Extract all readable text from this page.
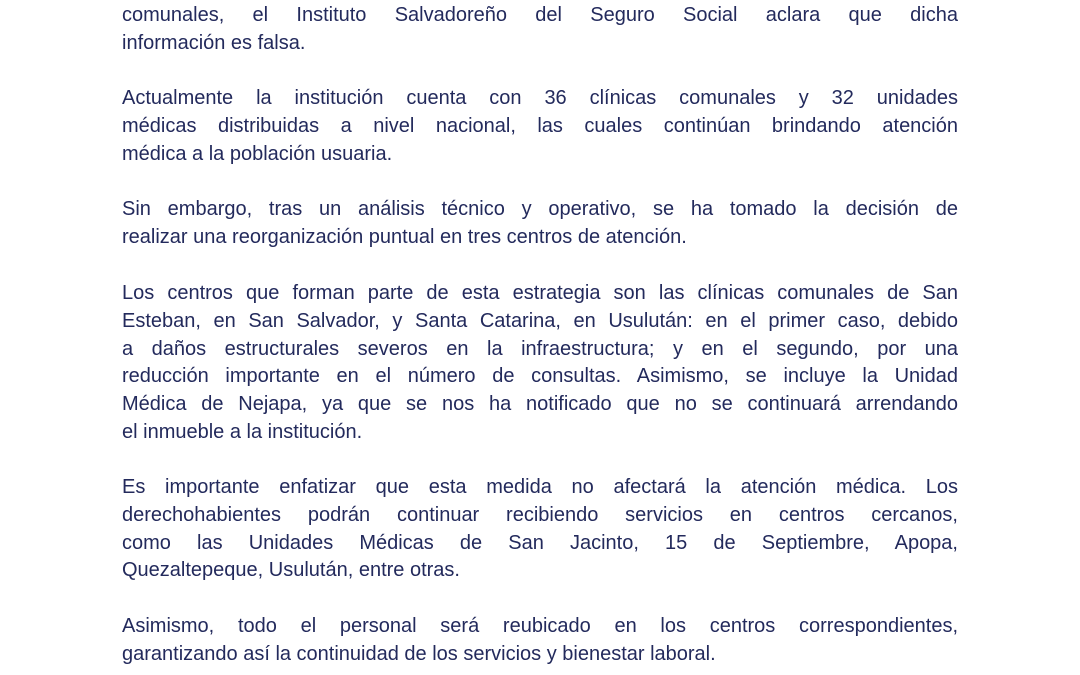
comunales, el Instituto Salvadoreño del Seguro Social aclara que dicha
información es falsa.
Actualmente la institución cuenta con 36 clínicas comunales y 32 unidades
médicas distribuidas a nivel nacional, las cuales continúan brindando atención
médica a la población usuaria.
Sin embargo, tras un análisis técnico y operativo, se ha tomado la decisión de
realizar una reorganización puntual en tres centros de atención.
Los centros que forman parte de esta estrategia son las clínicas comunales de San
Esteban, en San Salvador, y Santa Catarina, en Usulután: en el primer caso, debido
a daños estructurales severos en la infraestructura; y en el segundo, por una
reducción importante en el número de consultas. Asimismo, se incluye la Unidad
Médica de Nejapa, ya que se nos ha notificado que no se continuará arrendando
el inmueble a la institución.
Es importante enfatizar que esta medida no afectará la atención médica. Los
derechohabientes podrán continuar recibiendo servicios en centros cercanos,
como las Unidades Médicas de San Jacinto, 15 de Septiembre, Apopa,
Quezaltepeque, Usulután, entre otras.
Asimismo, todo el personal será reubicado en los centros correspondientes,
garantizando así la continuidad de los servicios y bienestar laboral.
